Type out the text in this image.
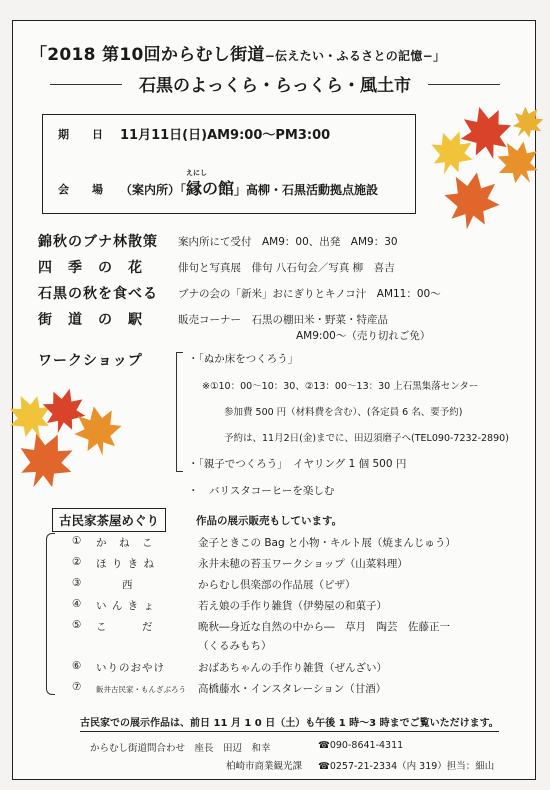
「2018 第10回からむし街道−伝えたい・ふるさとの記憶−」
石黒のよっくら・らっくら・風土市
期　日 11月11日(日)AM9:00〜PM3:00
会　場
えにし
（案内所）「縁の館」高柳・石黒活動拠点施設
錦秋のブナ林散策 案内所にて受付　AM9：00、出発　AM9：30
四　季　の　花	俳句と写真展　俳句 八石句会／写真 柳　喜吉
石黒の秋を食べる ブナの会の「新米」おにぎりとキノコ汁　AM11：00〜
街　道　の　駅	販売コーナー　石黒の棚田米・野菜・特産品
AM9:00〜（売り切れご免）
ワークショップ	・「ぬか床をつくろう」
※①10：00〜10：30、②13：00〜13：30 上石黒集落センター
参加費 500 円（材料費を含む）、(各定員 6 名、要予約)
予約は、11月2日(金)までに、田辺須磨子へ(TEL090-7232-2890)
・「親子でつくろう」　イヤリング 1 個 500 円
・　バリスタコーヒーを楽しむ
古民家茶屋めぐり	作品の展示販売もしています。
① か　ね　こ	金子ときこの Bag と小物・キルト展（焼まんじゅう）
② ほ り き ね	永井未穂の苔玉ワークショップ（山菜料理）
③	西	からむし倶楽部の作品展（ピザ）
④ い ん き ょ	若え娘の手作り雑貨（伊勢屋の和菓子）
⑤ こ　　　だ	晩秋―身近な自然の中から―　草月　陶芸　佐藤正一
（くるみもち）
⑥ いりのおやけ	おばあちゃんの手作り雑貨（ぜんざい）
⑦ 飯井古民家・もんざぶろう 高橋藤水・インスタレーション（甘酒）
古民家での展示作品は、前日 11 月 1 0 日（土）も午後 1 時〜3 時までご覧いただけます。
からむし街道問合わせ　座長　田辺　和幸	☎090-8641-4311
柏崎市商業観光課 ☎0257-21-2334（内 319）担当：細山
